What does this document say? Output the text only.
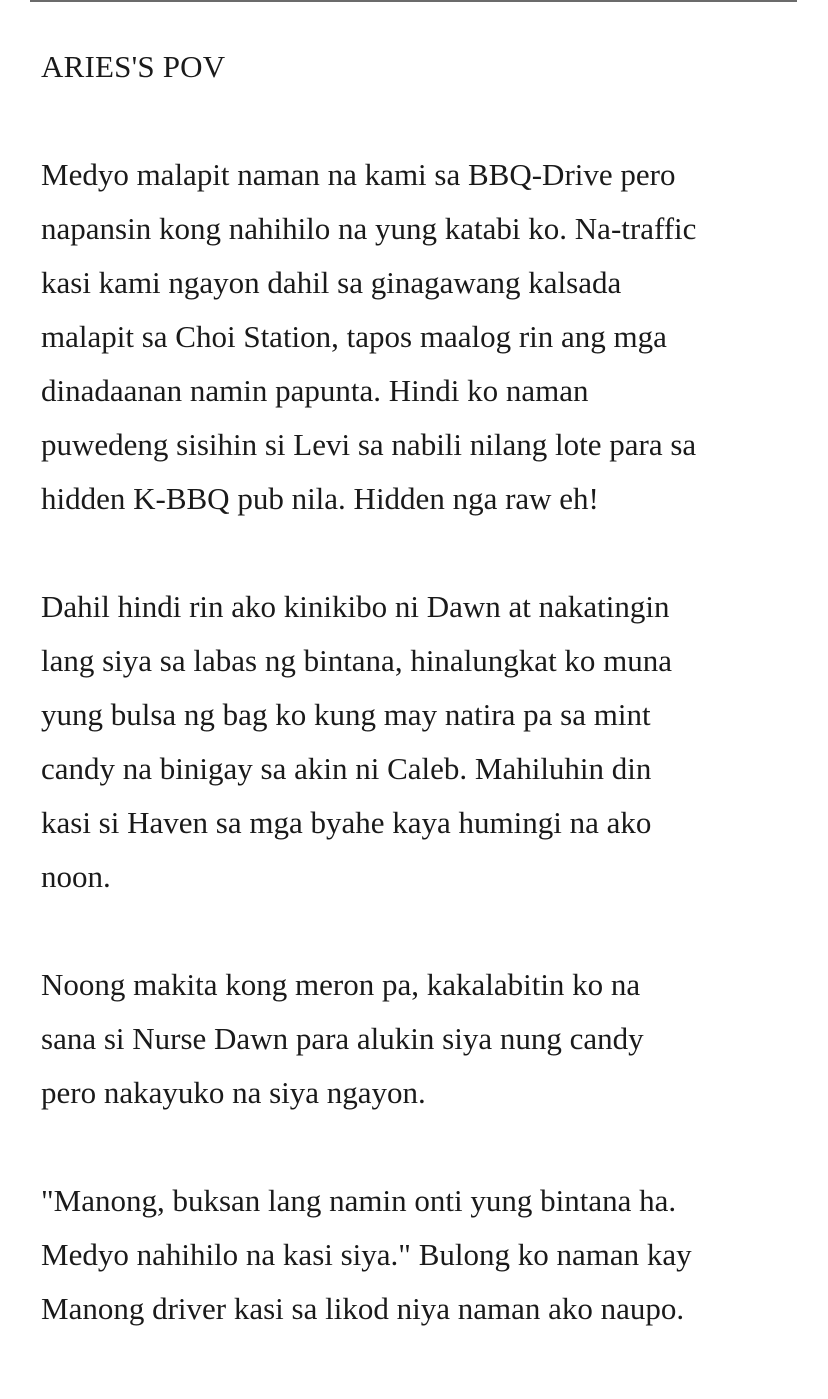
ARIES'S POV
Medyo malapit naman na kami sa BBQ-Drive pero
napansin kong nahihilo na yung katabi ko. Na-traffic
kasi kami ngayon dahil sa ginagawang kalsada
malapit sa Choi Station, tapos maalog rin ang mga
dinadaanan namin papunta. Hindi ko naman
puwedeng sisihin si Levi sa nabili nilang lote para sa
hidden K-BBQ pub nila. Hidden nga raw eh!
Dahil hindi rin ako kinikibo ni Dawn at nakatingin
lang siya sa labas ng bintana, hinalungkat ko muna
yung bulsa ng bag ko kung may natira pa sa mint
candy na binigay sa akin ni Caleb. Mahiluhin din
kasi si Haven sa mga byahe kaya humingi na ako
noon.
Noong makita kong meron pa, kakalabitin ko na
sana si Nurse Dawn para alukin siya nung candy
pero nakayuko na siya ngayon.
"Manong, buksan lang namin onti yung bintana ha.
Medyo nahihilo na kasi siya." Bulong ko naman kay
Manong driver kasi sa likod niya naman ako naupo.
